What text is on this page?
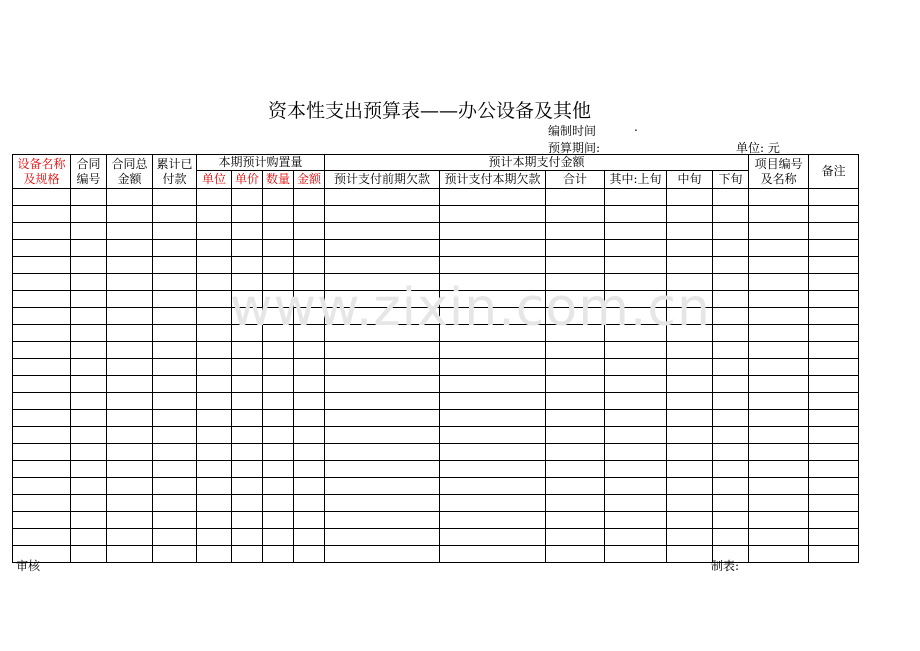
资本性支出预算表——办公设备及其他
编制时间	.
预算期间:	单位: 元
设备名称及规格	合同编号	合同总金额	累计已付款	本期预计购置量				预计本期支付金额						项目编号及名称	备注
				单位	单价	数量	金额	预计支付前期欠款	预计支付本期欠款	合计	其中:上旬	中旬	下旬		

www.zixin.com.cn
审核	制表:
